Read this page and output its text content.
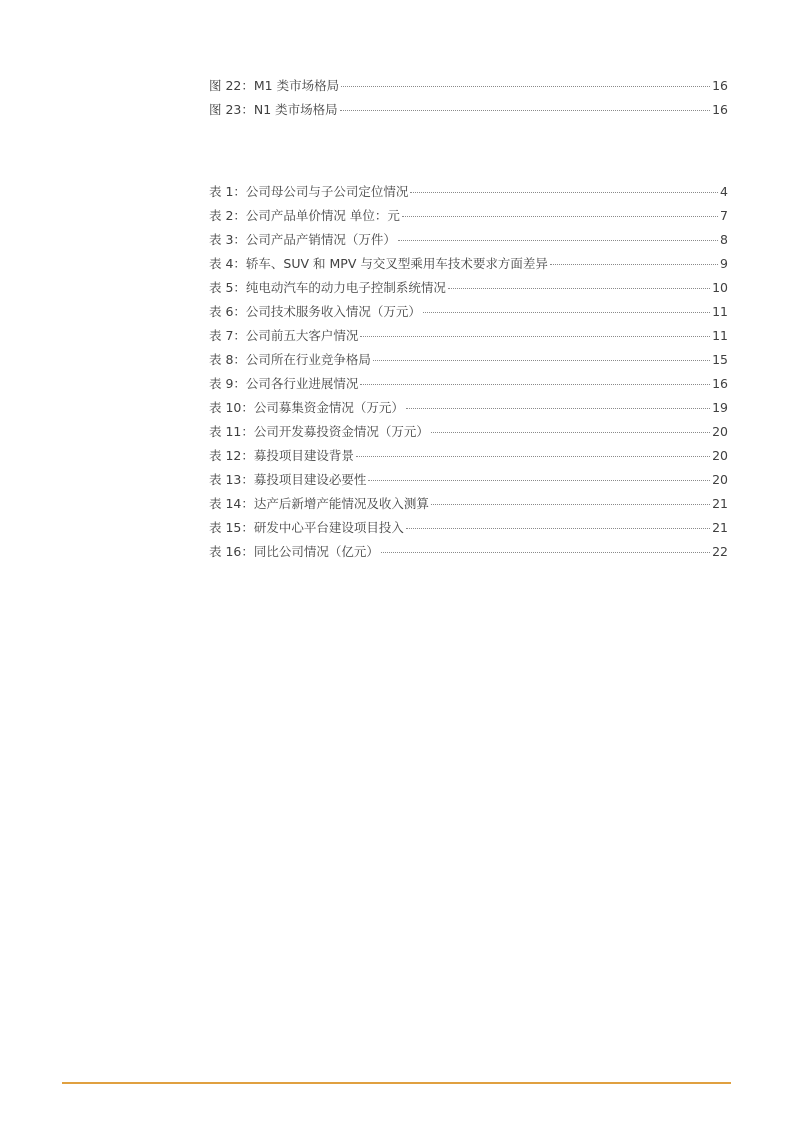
图 22：M1 类市场格局	16
图 23：N1 类市场格局	16
表 1：公司母公司与子公司定位情况	4
表 2：公司产品单价情况 单位：元	7
表 3：公司产品产销情况（万件）	8
表 4：轿车、SUV 和 MPV 与交叉型乘用车技术要求方面差异	9
表 5：纯电动汽车的动力电子控制系统情况	10
表 6：公司技术服务收入情况（万元）	11
表 7：公司前五大客户情况	11
表 8：公司所在行业竞争格局	15
表 9：公司各行业进展情况	16
表 10：公司募集资金情况（万元）	19
表 11：公司开发募投资金情况（万元）	20
表 12：募投项目建设背景	20
表 13：募投项目建设必要性	20
表 14：达产后新增产能情况及收入测算	21
表 15：研发中心平台建设项目投入	21
表 16：同比公司情况（亿元）	22
